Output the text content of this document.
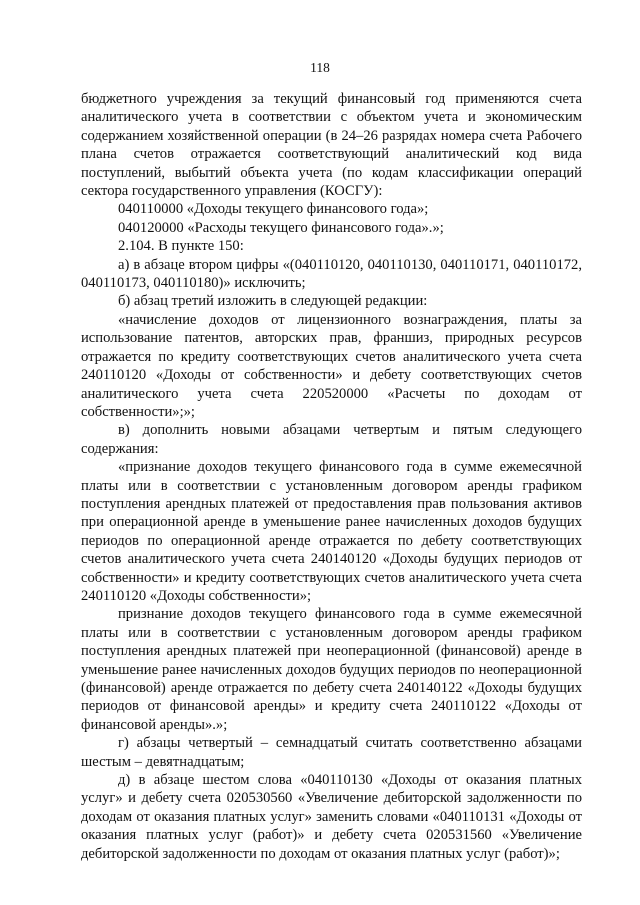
118

бюджетного учреждения за текущий финансовый год применяются счета аналитического учета в соответствии с объектом учета и экономическим содержанием хозяйственной операции (в 24–26 разрядах номера счета Рабочего плана счетов отражается соответствующий аналитический код вида поступлений, выбытий объекта учета (по кодам классификации операций сектора государственного управления (КОСГУ):

040110000 «Доходы текущего финансового года»;

040120000 «Расходы текущего финансового года».»;

2.104. В пункте 150:

а) в абзаце втором цифры «(040110120, 040110130, 040110171, 040110172, 040110173, 040110180)» исключить;

б) абзац третий изложить в следующей редакции:

«начисление доходов от лицензионного вознаграждения, платы за использование патентов, авторских прав, франшиз, природных ресурсов отражается по кредиту соответствующих счетов аналитического учета счета 240110120 «Доходы от собственности» и дебету соответствующих счетов аналитического учета счета 220520000 «Расчеты по доходам от собственности»;»;

в) дополнить новыми абзацами четвертым и пятым следующего содержания:

«признание доходов текущего финансового года в сумме ежемесячной платы или в соответствии с установленным договором аренды графиком поступления арендных платежей от предоставления прав пользования активов при операционной аренде в уменьшение ранее начисленных доходов будущих периодов по операционной аренде отражается по дебету соответствующих счетов аналитического учета счета 240140120 «Доходы будущих периодов от собственности» и кредиту соответствующих счетов аналитического учета счета 240110120 «Доходы собственности»;

признание доходов текущего финансового года в сумме ежемесячной платы или в соответствии с установленным договором аренды графиком поступления арендных платежей при неоперационной (финансовой) аренде в уменьшение ранее начисленных доходов будущих периодов по неоперационной (финансовой) аренде отражается по дебету счета 240140122 «Доходы будущих периодов от финансовой аренды» и кредиту счета 240110122 «Доходы от финансовой аренды».»;

г) абзацы четвертый – семнадцатый считать соответственно абзацами шестым – девятнадцатым;

д) в абзаце шестом слова «040110130 «Доходы от оказания платных услуг» и дебету счета 020530560 «Увеличение дебиторской задолженности по доходам от оказания платных услуг» заменить словами «040110131 «Доходы от оказания платных услуг (работ)» и дебету счета 020531560 «Увеличение дебиторской задолженности по доходам от оказания платных услуг (работ)»;
